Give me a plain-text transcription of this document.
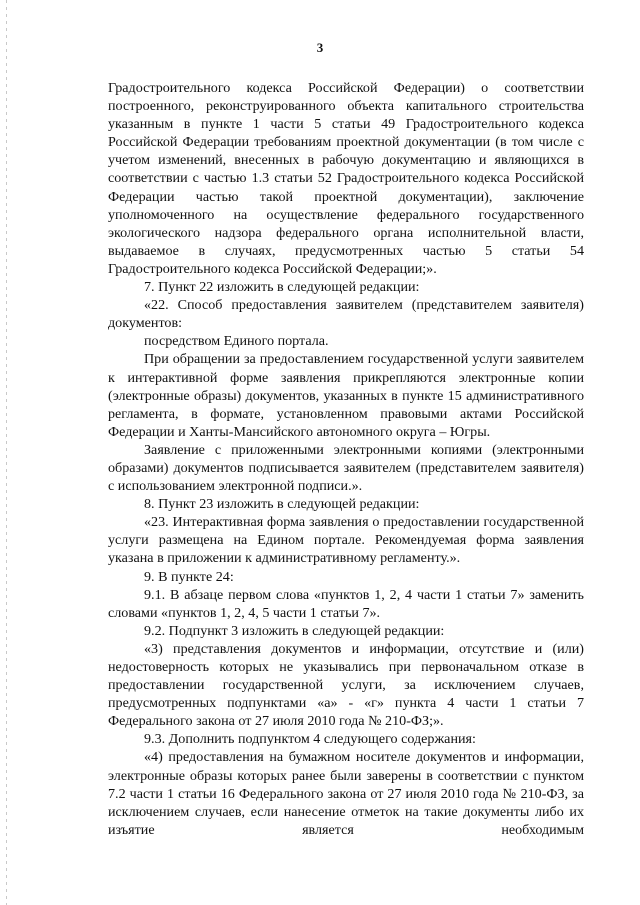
3

Градостроительного кодекса Российской Федерации) о соответствии построенного, реконструированного объекта капитального строительства указанным в пункте 1 части 5 статьи 49 Градостроительного кодекса Российской Федерации требованиям проектной документации (в том числе с учетом изменений, внесенных в рабочую документацию и являющихся в соответствии с частью 1.3 статьи 52 Градостроительного кодекса Российской Федерации частью такой проектной документации), заключение уполномоченного на осуществление федерального государственного экологического надзора федерального органа исполнительной власти, выдаваемое в случаях, предусмотренных частью 5 статьи 54 Градостроительного кодекса Российской Федерации;».

7. Пункт 22 изложить в следующей редакции:

«22. Способ предоставления заявителем (представителем заявителя) документов:

посредством Единого портала.

При обращении за предоставлением государственной услуги заявителем к интерактивной форме заявления прикрепляются электронные копии (электронные образы) документов, указанных в пункте 15 административного регламента, в формате, установленном правовыми актами Российской Федерации и Ханты-Мансийского автономного округа – Югры.

Заявление с приложенными электронными копиями (электронными образами) документов подписывается заявителем (представителем заявителя) с использованием электронной подписи.».

8. Пункт 23 изложить в следующей редакции:

«23. Интерактивная форма заявления о предоставлении государственной услуги размещена на Едином портале. Рекомендуемая форма заявления указана в приложении к административному регламенту.».

9. В пункте 24:

9.1. В абзаце первом слова «пунктов 1, 2, 4 части 1 статьи 7» заменить словами «пунктов 1, 2, 4, 5 части 1 статьи 7».

9.2. Подпункт 3 изложить в следующей редакции:

«3) представления документов и информации, отсутствие и (или) недостоверность которых не указывались при первоначальном отказе в предоставлении государственной услуги, за исключением случаев, предусмотренных подпунктами «а» - «г» пункта 4 части 1 статьи 7 Федерального закона от 27 июля 2010 года № 210-ФЗ;».

9.3. Дополнить подпунктом 4 следующего содержания:

«4) предоставления на бумажном носителе документов и информации, электронные образы которых ранее были заверены в соответствии с пунктом 7.2 части 1 статьи 16 Федерального закона от 27 июля 2010 года № 210-ФЗ, за исключением случаев, если нанесение отметок на такие документы либо их изъятие является необходимым
